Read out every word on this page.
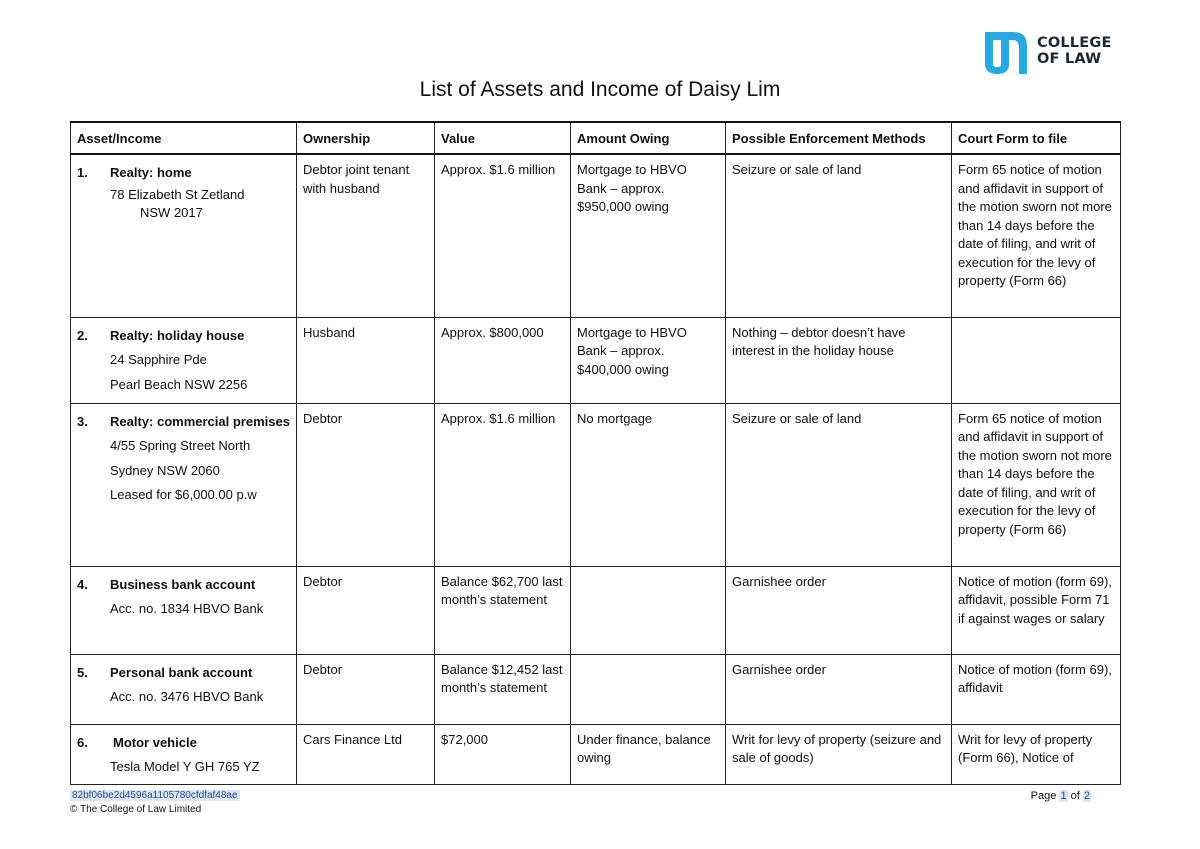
COLLEGE
OF LAW
List of Assets and Income of Daisy Lim
Asset/Income	Ownership	Value	Amount Owing	Possible Enforcement Methods	Court Form to file

1. Realty: home
78 Elizabeth St Zetland
NSW 2017	Debtor joint tenant with husband	Approx. $1.6 million	Mortgage to HBVO Bank – approx. $950,000 owing	Seizure or sale of land	Form 65 notice of motion and affidavit in support of the motion sworn not more than 14 days before the date of filing, and writ of execution for the levy of property (Form 66)

2. Realty: holiday house
24 Sapphire Pde
Pearl Beach NSW 2256	Husband	Approx. $800,000	Mortgage to HBVO Bank – approx. $400,000 owing	Nothing – debtor doesn’t have interest in the holiday house	

3. Realty: commercial premises
4/55 Spring Street North
Sydney NSW 2060
Leased for $6,000.00 p.w	Debtor	Approx. $1.6 million	No mortgage	Seizure or sale of land	Form 65 notice of motion and affidavit in support of the motion sworn not more than 14 days before the date of filing, and writ of execution for the levy of property (Form 66)

4. Business bank account
Acc. no. 1834 HBVO Bank	Debtor	Balance $62,700 last month’s statement		Garnishee order	Notice of motion (form 69), affidavit, possible Form 71 if against wages or salary

5. Personal bank account
Acc. no. 3476 HBVO Bank	Debtor	Balance $12,452 last month’s statement		Garnishee order	Notice of motion (form 69), affidavit

6. Motor vehicle
Tesla Model Y GH 765 YZ	Cars Finance Ltd	$72,000	Under finance, balance owing	Writ for levy of property (seizure and sale of goods)	Writ for levy of property (Form 66), Notice of
82bf06be2d4596a1105780cfdfaf48ae
© The College of Law Limited
Page 1 of 2
